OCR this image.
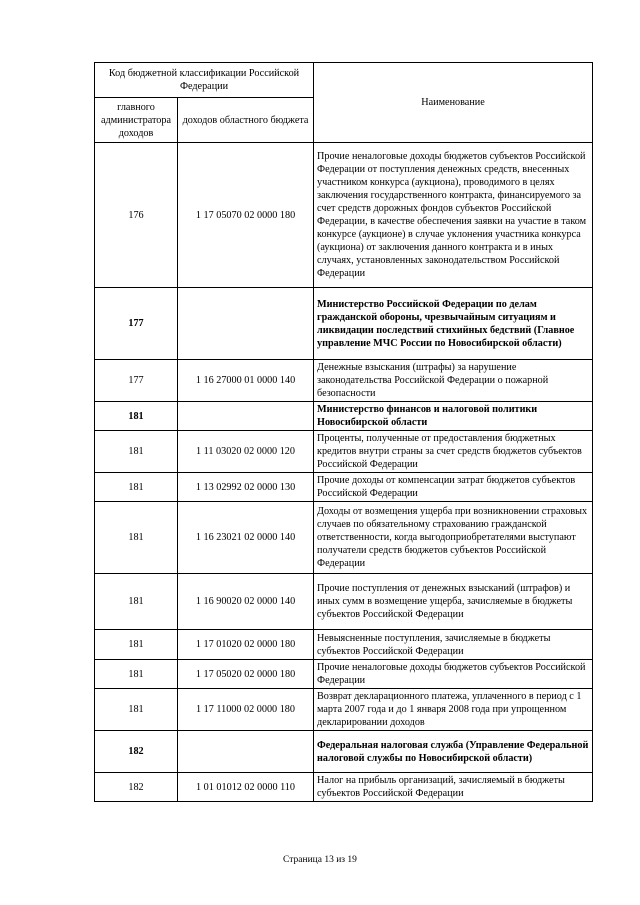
Код бюджетной классификации Российской Федерации		Наименование
главного администратора доходов	доходов областного бюджета	
176	1 17 05070 02 0000 180	Прочие неналоговые доходы бюджетов субъектов Российской Федерации от поступления денежных средств, внесенных участником конкурса (аукциона), проводимого в целях заключения государственного контракта, финансируемого за счет средств дорожных фондов субъектов Российской Федерации, в качестве обеспечения заявки на участие в таком конкурсе (аукционе) в случае уклонения участника конкурса (аукциона) от заключения данного контракта и в иных случаях, установленных законодательством Российской Федерации
177		Министерство Российской Федерации по делам гражданской обороны, чрезвычайным ситуациям и ликвидации последствий стихийных бедствий (Главное управление МЧС России по Новосибирской области)
177	1 16 27000 01 0000 140	Денежные взыскания (штрафы) за нарушение законодательства Российской Федерации о пожарной безопасности
181		Министерство финансов и налоговой политики Новосибирской области
181	1 11 03020 02 0000 120	Проценты, полученные от предоставления бюджетных кредитов внутри страны за счет средств бюджетов субъектов Российской Федерации
181	1 13 02992 02 0000 130	Прочие доходы от компенсации затрат бюджетов субъектов Российской Федерации
181	1 16 23021 02 0000 140	Доходы от возмещения ущерба при возникновении страховых случаев по обязательному страхованию гражданской ответственности, когда выгодоприобретателями выступают получатели средств бюджетов субъектов Российской Федерации
181	1 16 90020 02 0000 140	Прочие поступления от денежных взысканий (штрафов) и иных сумм в возмещение ущерба, зачисляемые в бюджеты субъектов Российской Федерации
181	1 17 01020 02 0000 180	Невыясненные поступления, зачисляемые в бюджеты субъектов Российской Федерации
181	1 17 05020 02 0000 180	Прочие неналоговые доходы бюджетов субъектов Российской Федерации
181	1 17 11000 02 0000 180	Возврат декларационного платежа, уплаченного в период с 1 марта 2007 года и до 1 января 2008 года при упрощенном декларировании доходов
182		Федеральная налоговая служба (Управление Федеральной налоговой службы по Новосибирской области)
182	1 01 01012 02 0000 110	Налог на прибыль организаций, зачисляемый в бюджеты субъектов Российской Федерации
Страница 13 из 19
